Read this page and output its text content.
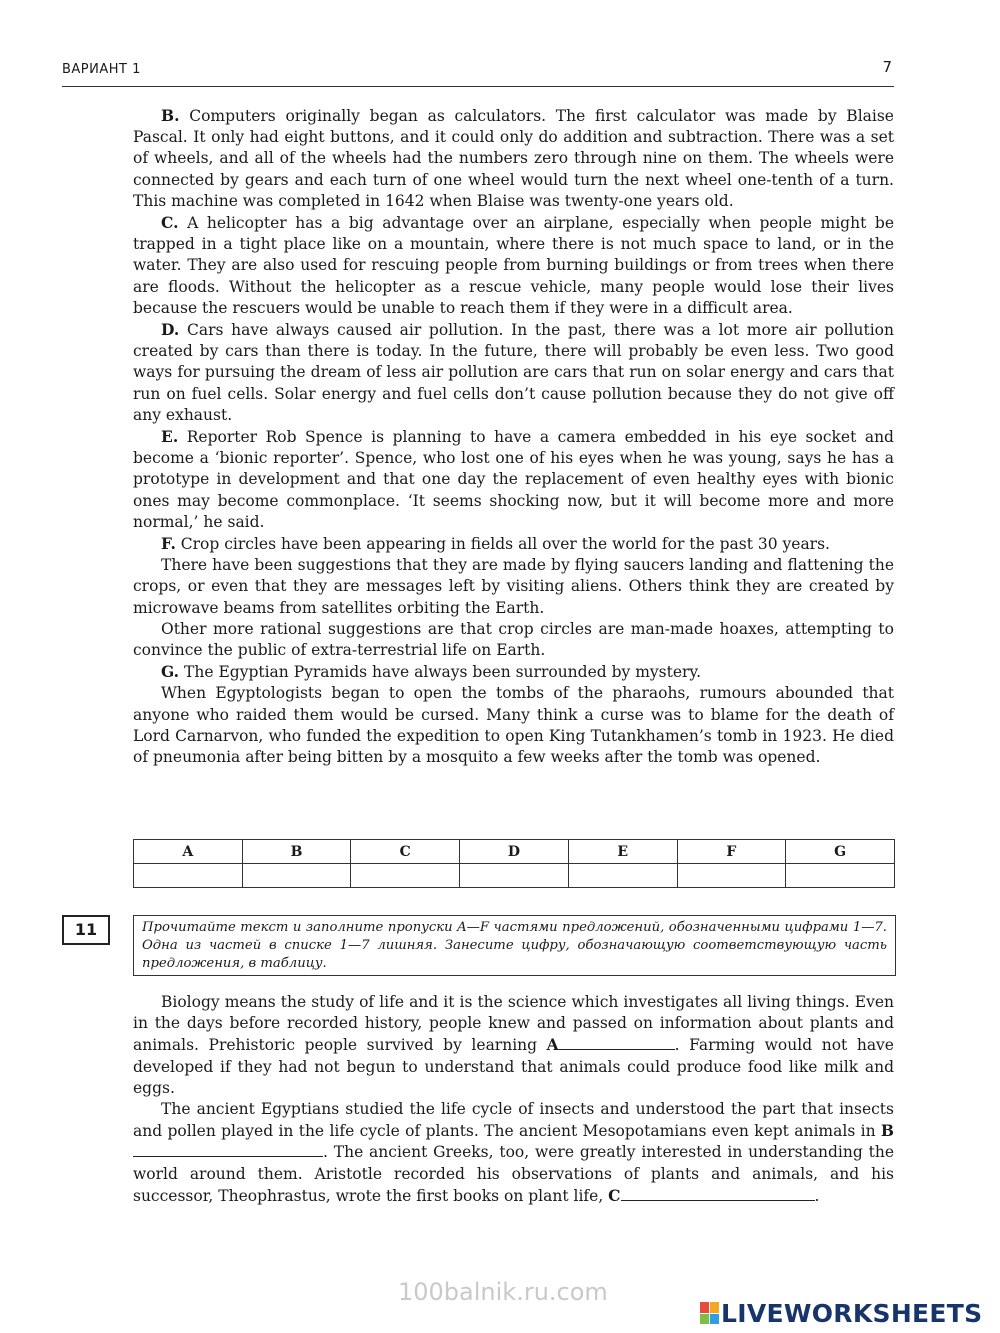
ВАРИАНТ 1	7

B. Computers originally began as calculators. The first calculator was made by Blaise Pascal. It only had eight buttons, and it could only do addition and subtraction. There was a set of wheels, and all of the wheels had the numbers zero through nine on them. The wheels were connected by gears and each turn of one wheel would turn the next wheel one-tenth of a turn. This machine was completed in 1642 when Blaise was twenty-one years old.

C. A helicopter has a big advantage over an airplane, especially when people might be trapped in a tight place like on a mountain, where there is not much space to land, or in the water. They are also used for rescuing people from burning buildings or from trees when there are floods. Without the helicopter as a rescue vehicle, many people would lose their lives because the rescuers would be unable to reach them if they were in a difficult area.

D. Cars have always caused air pollution. In the past, there was a lot more air pollution created by cars than there is today. In the future, there will probably be even less. Two good ways for pursuing the dream of less air pollution are cars that run on solar energy and cars that run on fuel cells. Solar energy and fuel cells don’t cause pollution because they do not give off any exhaust.

E. Reporter Rob Spence is planning to have a camera embedded in his eye socket and become a ‘bionic reporter’. Spence, who lost one of his eyes when he was young, says he has a prototype in development and that one day the replacement of even healthy eyes with bionic ones may become commonplace. ‘It seems shocking now, but it will become more and more normal,’ he said.

F. Crop circles have been appearing in fields all over the world for the past 30 years.

There have been suggestions that they are made by flying saucers landing and flattening the crops, or even that they are messages left by visiting aliens. Others think they are created by microwave beams from satellites orbiting the Earth.

Other more rational suggestions are that crop circles are man-made hoaxes, attempting to convince the public of extra-terrestrial life on Earth.

G. The Egyptian Pyramids have always been surrounded by mystery.

When Egyptologists began to open the tombs of the pharaohs, rumours abounded that anyone who raided them would be cursed. Many think a curse was to blame for the death of Lord Carnarvon, who funded the expedition to open King Tutankhamen’s tomb in 1923. He died of pneumonia after being bitten by a mosquito a few weeks after the tomb was opened.

A	B	C	D	E	F	G

11	Прочитайте текст и заполните пропуски A—F частями предложений, обозначенными цифрами 1—7. Одна из частей в списке 1—7 лишняя. Занесите цифру, обозначающую соответствующую часть предложения, в таблицу.

Biology means the study of life and it is the science which investigates all living things. Even in the days before recorded history, people knew and passed on information about plants and animals. Prehistoric people survived by learning A	. Farming would not have developed if they had not begun to understand that animals could produce food like milk and eggs.

The ancient Egyptians studied the life cycle of insects and understood the part that insects and pollen played in the life cycle of plants. The ancient Mesopotamians even kept animals in B. The ancient Greeks, too, were greatly interested in understanding the world around them. Aristotle recorded his observations of plants and animals, and his successor, Theophrastus, wrote the first books on plant life, C	.

100balnik.ru.com
LIVEWORKSHEETS
